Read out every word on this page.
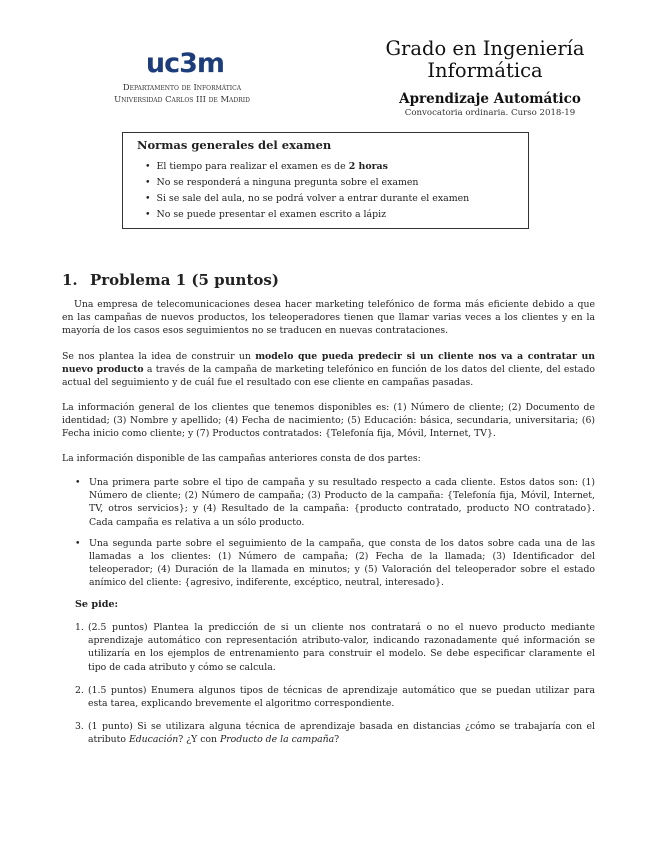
uc3m
Departamento de Informática
Universidad Carlos III de Madrid
Grado en Ingeniería
Informática
Aprendizaje Automático
Convocatoria ordinaria. Curso 2018-19
Normas generales del examen
• El tiempo para realizar el examen es de 2 horas
• No se responderá a ninguna pregunta sobre el examen
• Si se sale del aula, no se podrá volver a entrar durante el examen
• No se puede presentar el examen escrito a lápiz
1. Problema 1 (5 puntos)
Una empresa de telecomunicaciones desea hacer marketing telefónico de forma más eficiente debido a que en las campañas de nuevos productos, los teleoperadores tienen que llamar varias veces a los clientes y en la mayoría de los casos esos seguimientos no se traducen en nuevas contrataciones.
Se nos plantea la idea de construir un modelo que pueda predecir si un cliente nos va a contratar un nuevo producto a través de la campaña de marketing telefónico en función de los datos del cliente, del estado actual del seguimiento y de cuál fue el resultado con ese cliente en campañas pasadas.
La información general de los clientes que tenemos disponibles es: (1) Número de cliente; (2) Documento de identidad; (3) Nombre y apellido; (4) Fecha de nacimiento; (5) Educación: básica, secundaria, universitaria; (6) Fecha inicio como cliente; y (7) Productos contratados: {Telefonía fija, Móvil, Internet, TV}.
La información disponible de las campañas anteriores consta de dos partes:
• Una primera parte sobre el tipo de campaña y su resultado respecto a cada cliente. Estos datos son: (1) Número de cliente; (2) Número de campaña; (3) Producto de la campaña: {Telefonía fija, Móvil, Internet, TV, otros servicios}; y (4) Resultado de la campaña: {producto contratado, producto NO contratado}. Cada campaña es relativa a un sólo producto.
• Una segunda parte sobre el seguimiento de la campaña, que consta de los datos sobre cada una de las llamadas a los clientes: (1) Número de campaña; (2) Fecha de la llamada; (3) Identificador del teleoperador; (4) Duración de la llamada en minutos; y (5) Valoración del teleoperador sobre el estado anímico del cliente: {agresivo, indiferente, excéptico, neutral, interesado}.
Se pide:
1. (2.5 puntos) Plantea la predicción de si un cliente nos contratará o no el nuevo producto mediante aprendizaje automático con representación atributo-valor, indicando razonadamente qué información se utilizaría en los ejemplos de entrenamiento para construir el modelo. Se debe especificar claramente el tipo de cada atributo y cómo se calcula.
2. (1.5 puntos) Enumera algunos tipos de técnicas de aprendizaje automático que se puedan utilizar para esta tarea, explicando brevemente el algoritmo correspondiente.
3. (1 punto) Si se utilizara alguna técnica de aprendizaje basada en distancias ¿cómo se trabajaría con el atributo Educación? ¿Y con Producto de la campaña?
